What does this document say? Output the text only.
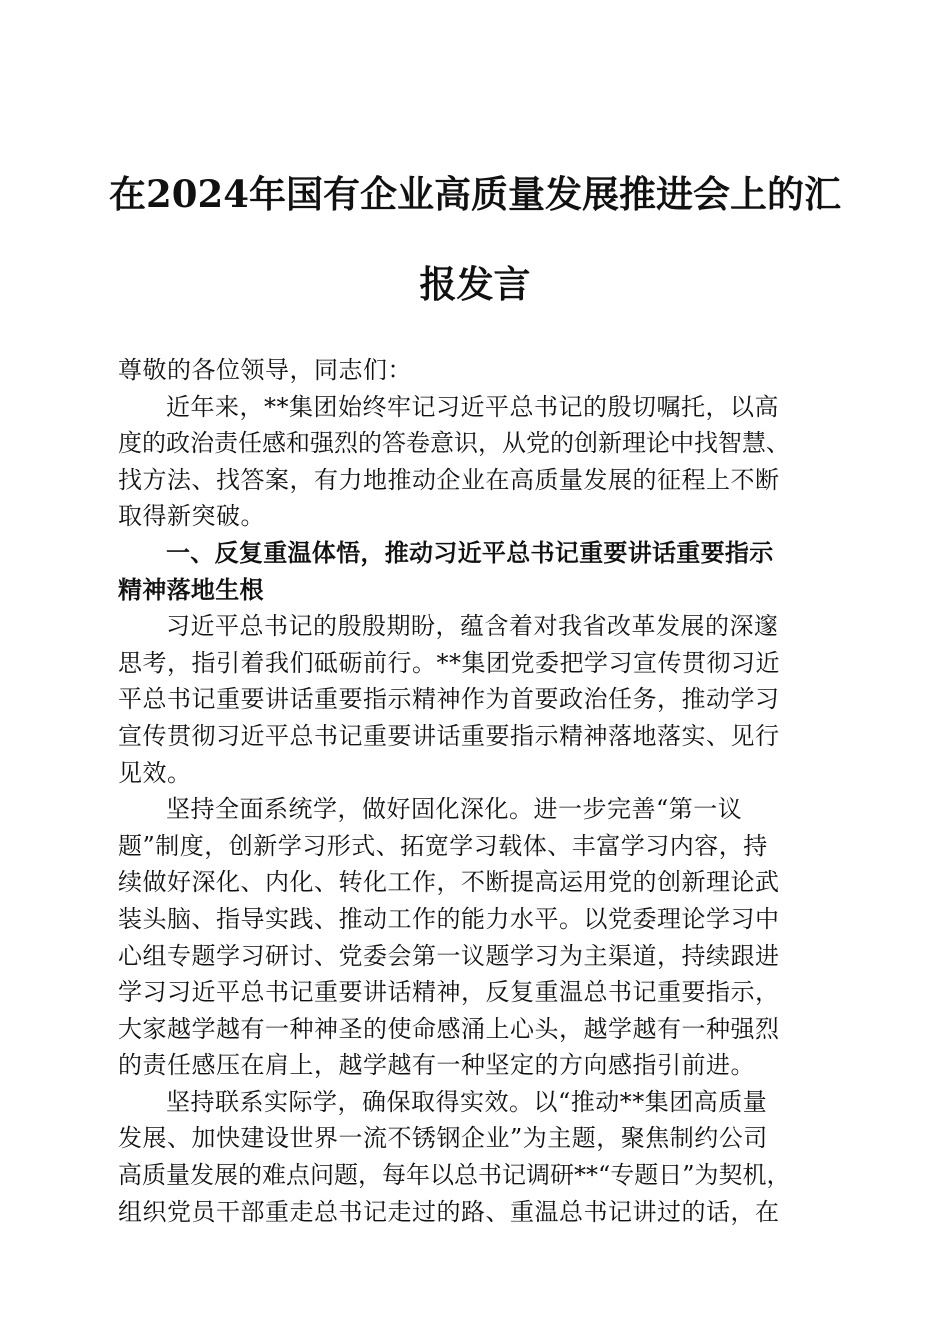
在2024年国有企业高质量发展推进会上的汇
报发言
尊敬的各位领导，同志们：
近年来，**集团始终牢记习近平总书记的殷切嘱托，以高
度的政治责任感和强烈的答卷意识，从党的创新理论中找智慧、
找方法、找答案，有力地推动企业在高质量发展的征程上不断
取得新突破。
一、反复重温体悟，推动习近平总书记重要讲话重要指示
精神落地生根
习近平总书记的殷殷期盼，蕴含着对我省改革发展的深邃
思考，指引着我们砥砺前行。**集团党委把学习宣传贯彻习近
平总书记重要讲话重要指示精神作为首要政治任务，推动学习
宣传贯彻习近平总书记重要讲话重要指示精神落地落实、见行
见效。
坚持全面系统学，做好固化深化。进一步完善“第一议
题”制度，创新学习形式、拓宽学习载体、丰富学习内容，持
续做好深化、内化、转化工作，不断提高运用党的创新理论武
装头脑、指导实践、推动工作的能力水平。以党委理论学习中
心组专题学习研讨、党委会第一议题学习为主渠道，持续跟进
学习习近平总书记重要讲话精神，反复重温总书记重要指示，
大家越学越有一种神圣的使命感涌上心头，越学越有一种强烈
的责任感压在肩上，越学越有一种坚定的方向感指引前进。
坚持联系实际学，确保取得实效。以“推动**集团高质量
发展、加快建设世界一流不锈钢企业”为主题，聚焦制约公司
高质量发展的难点问题，每年以总书记调研**“专题日”为契机，
组织党员干部重走总书记走过的路、重温总书记讲过的话，在
